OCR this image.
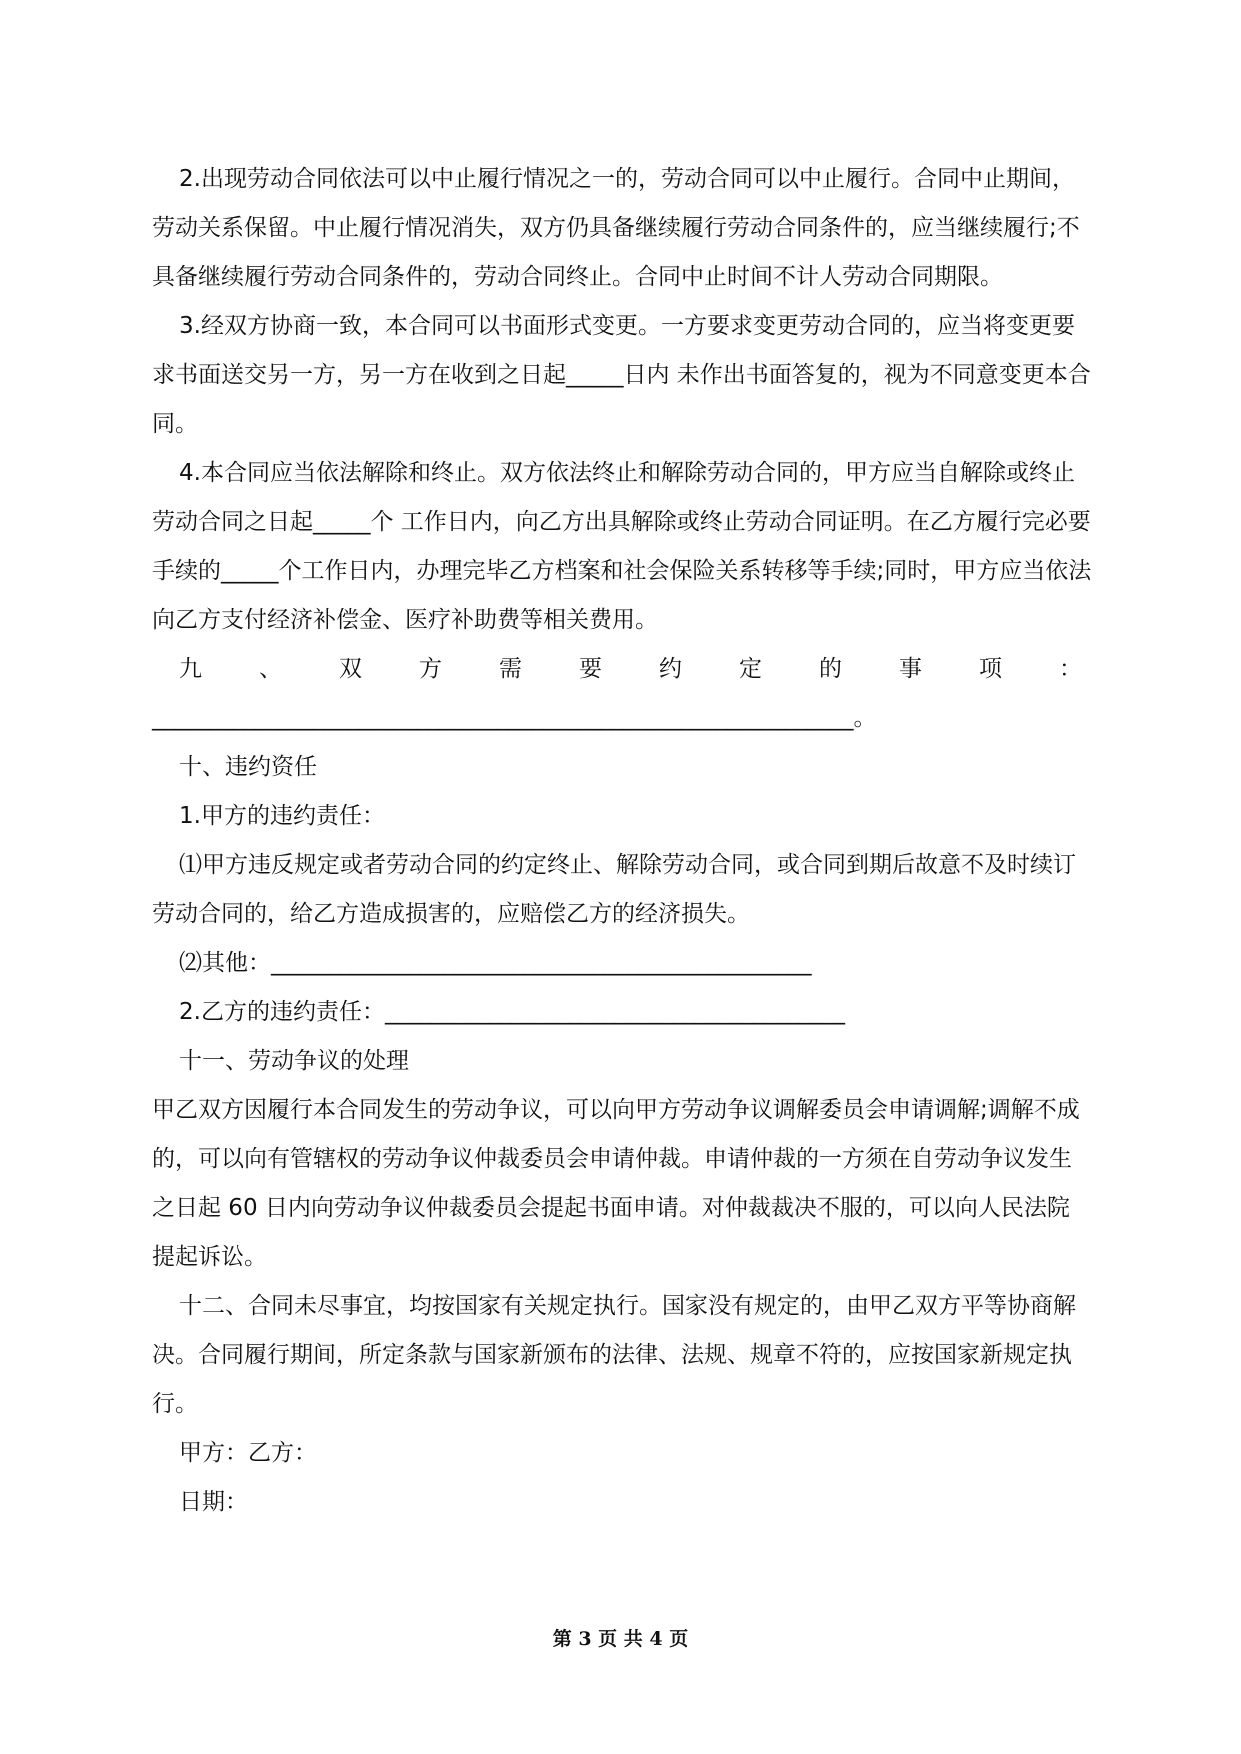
2.出现劳动合同依法可以中止履行情况之一的，劳动合同可以中止履行。合同中止期间，劳动关系保留。中止履行情况消失，双方仍具备继续履行劳动合同条件的，应当继续履行;不具备继续履行劳动合同条件的，劳动合同终止。合同中止时间不计人劳动合同期限。

3.经双方协商一致，本合同可以书面形式变更。一方要求变更劳动合同的，应当将变更要求书面送交另一方，另一方在收到之日起_____日内 未作出书面答复的，视为不同意变更本合同。

4.本合同应当依法解除和终止。双方依法终止和解除劳动合同的，甲方应当自解除或终止劳动合同之日起_____个 工作日内，向乙方出具解除或终止劳动合同证明。在乙方履行完必要手续的_____个工作日内，办理完毕乙方档案和社会保险关系转移等手续;同时，甲方应当依法向乙方支付经济补偿金、医疗补助费等相关费用。

九 、 双 方 需 要 约 定 的 事 项 ：
_____________________________________________________________。

十、违约资任

1.甲方的违约责任：

⑴甲方违反规定或者劳动合同的约定终止、解除劳动合同，或合同到期后故意不及时续订劳动合同的，给乙方造成损害的，应赔偿乙方的经济损失。

⑵其他：_______________________________________________

2.乙方的违约责任：________________________________________

十一、劳动争议的处理

甲乙双方因履行本合同发生的劳动争议，可以向甲方劳动争议调解委员会申请调解;调解不成的，可以向有管辖权的劳动争议仲裁委员会申请仲裁。申请仲裁的一方须在自劳动争议发生之日起 60 日内向劳动争议仲裁委员会提起书面申请。对仲裁裁决不服的，可以向人民法院提起诉讼。

十二、合同未尽事宜，均按国家有关规定执行。国家没有规定的，由甲乙双方平等协商解决。合同履行期间，所定条款与国家新颁布的法律、法规、规章不符的，应按国家新规定执行。

甲方：乙方：

日期：

第 3 页 共 4 页
